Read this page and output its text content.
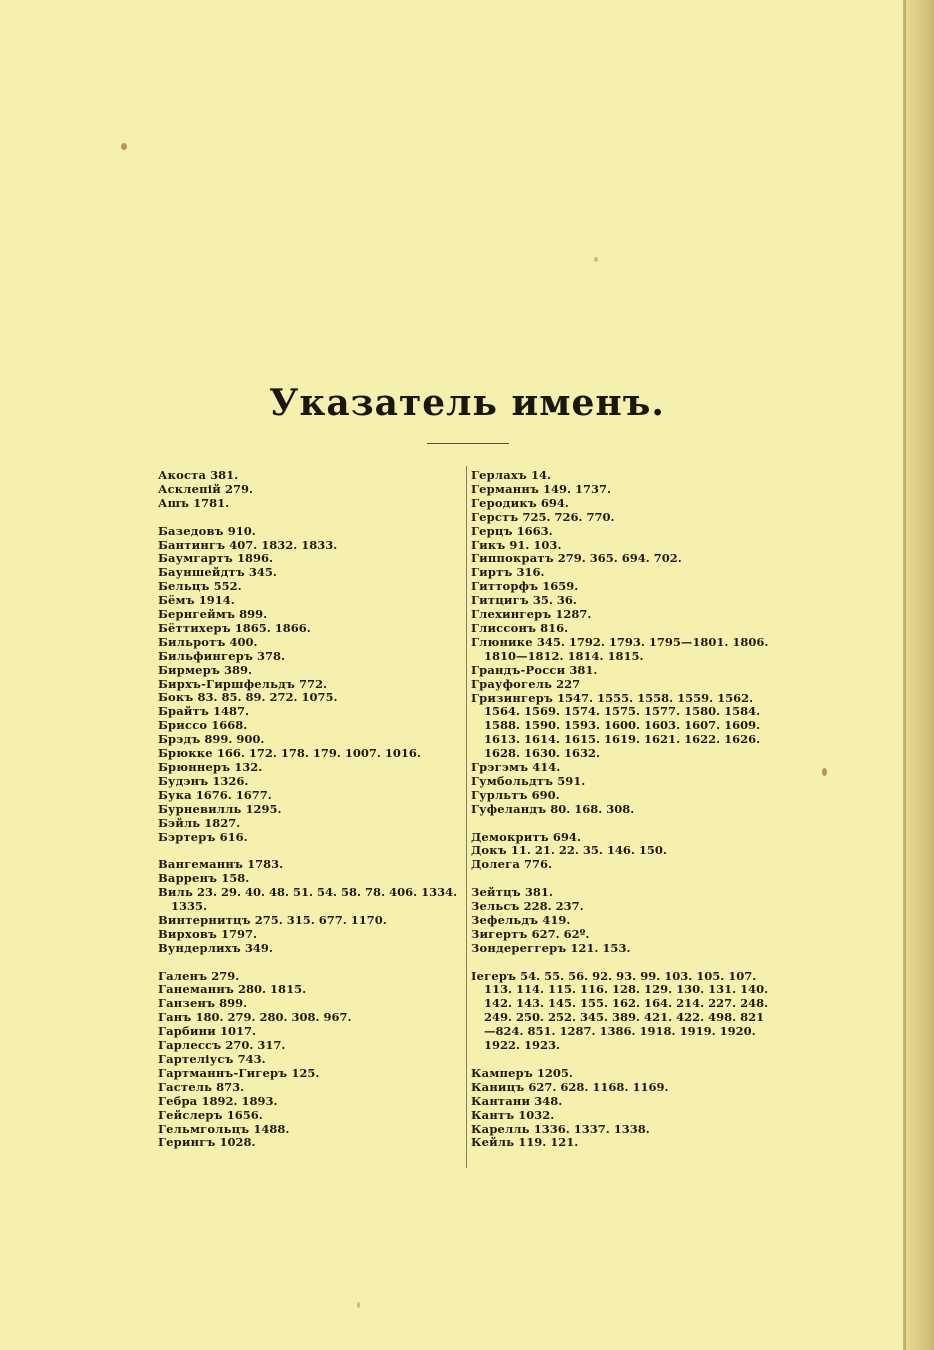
Указатель именъ.
Акоста 381.
Асклепій 279.
Ашъ 1781.
Базедовъ 910.
Бантингъ 407. 1832. 1833.
Баумгартъ 1896.
Бауншейдтъ 345.
Бельцъ 552.
Бёмъ 1914.
Бернгеймъ 899.
Бёттихеръ 1865. 1866.
Бильротъ 400.
Бильфингеръ 378.
Бирмеръ 389.
Бирхъ-Гиршфельдъ 772.
Бокъ 83. 85. 89. 272. 1075.
Брайтъ 1487.
Бриссо 1668.
Брэдъ 899. 900.
Брюкке 166. 172. 178. 179. 1007. 1016.
Брюннеръ 132.
Будэнъ 1326.
Бука 1676. 1677.
Бурневилль 1295.
Бэйль 1827.
Бэртеръ 616.
Вангеманнъ 1783.
Варренъ 158.
Виль 23. 29. 40. 48. 51. 54. 58. 78. 406. 1334. 1335.
Винтернитцъ 275. 315. 677. 1170.
Вирховъ 1797.
Вундерлихъ 349.
Галенъ 279.
Ганеманнъ 280. 1815.
Ганзенъ 899.
Ганъ 180. 279. 280. 308. 967.
Гарбини 1017.
Гарлессъ 270. 317.
Гартеліусъ 743.
Гартманнъ-Гигеръ 125.
Гастель 873.
Гебра 1892. 1893.
Гейслеръ 1656.
Гельмгольцъ 1488.
Герингъ 1028.
Герлахъ 14.
Германнъ 149. 1737.
Геродикъ 694.
Герстъ 725. 726. 770.
Герцъ 1663.
Гикъ 91. 103.
Гиппократъ 279. 365. 694. 702.
Гиртъ 316.
Гитторфъ 1659.
Гитцигъ 35. 36.
Глехингеръ 1287.
Глиссонъ 816.
Глюнике 345. 1792. 1793. 1795—1801. 1806. 1810—1812. 1814. 1815.
Грандъ-Росси 381.
Грауфогель 227
Гризингеръ 1547. 1555. 1558. 1559. 1562. 1564. 1569. 1574. 1575. 1577. 1580. 1584. 1588. 1590. 1593. 1600. 1603. 1607. 1609. 1613. 1614. 1615. 1619. 1621. 1622. 1626. 1628. 1630. 1632.
Грэгэмъ 414.
Гумбольдтъ 591.
Гурльтъ 690.
Гуфеландъ 80. 168. 308.
Демокритъ 694.
Докъ 11. 21. 22. 35. 146. 150.
Долега 776.
Зейтцъ 381.
Зельсъ 228. 237.
Зефельдъ 419.
Зигертъ 627. 62º.
Зондереггеръ 121. 153.
Іегеръ 54. 55. 56. 92. 93. 99. 103. 105. 107. 113. 114. 115. 116. 128. 129. 130. 131. 140. 142. 143. 145. 155. 162. 164. 214. 227. 248. 249. 250. 252. 345. 389. 421. 422. 498. 821—824. 851. 1287. 1386. 1918. 1919. 1920. 1922. 1923.
Камперъ 1205.
Каницъ 627. 628. 1168. 1169.
Кантани 348.
Кантъ 1032.
Карелль 1336. 1337. 1338.
Кейль 119. 121.
